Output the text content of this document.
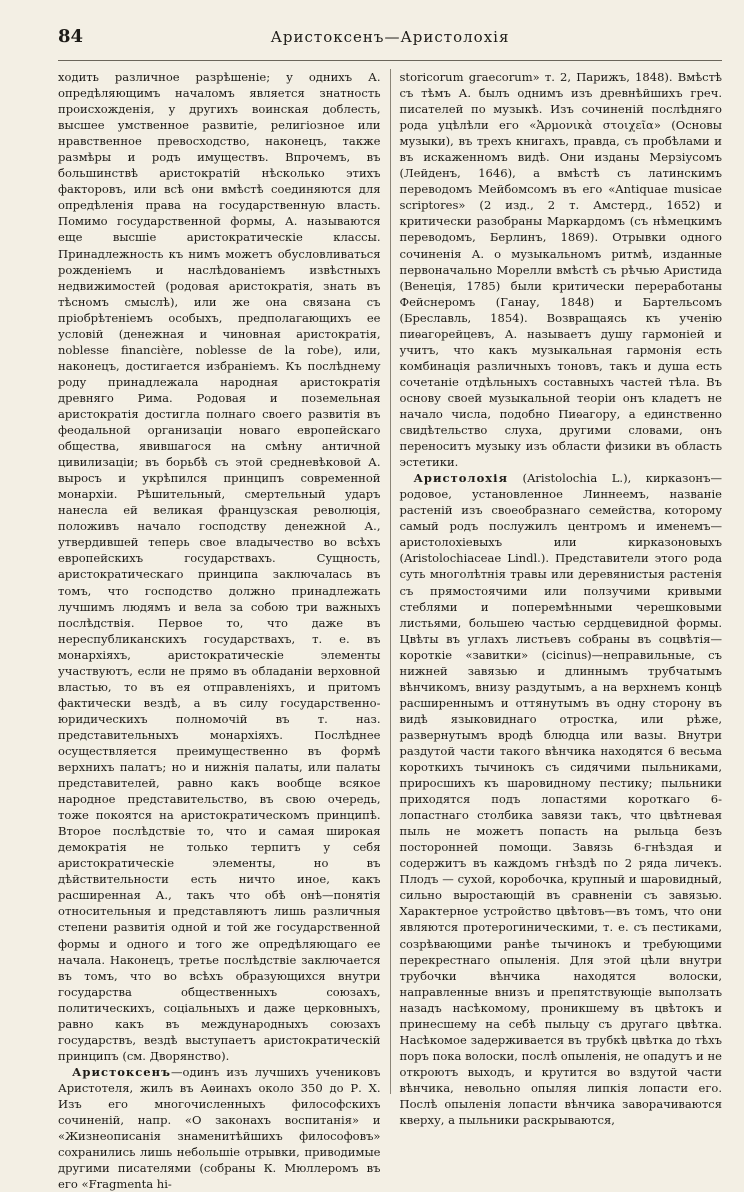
84	Аристоксенъ—Аристолохія

ходить различное разрѣшеніе; у однихъ А. опредѣляющимъ началомъ является знатность происхожденія, у другихъ воинская доблесть, высшее умственное развитіе, религіозное или нравственное превосходство, наконецъ, также размѣры и родъ имуществъ. Впрочемъ, въ большинствѣ аристократій нѣсколько этихъ факторовъ, или всѣ они вмѣстѣ соединяются для опредѣленія права на государственную власть. Помимо государственной формы, А. называются еще высшіе аристократическіе классы. Принадлежность къ нимъ можетъ обусловливаться рожденіемъ и наслѣдованіемъ извѣстныхъ недвижимостей (родовая аристократія, знать въ тѣсномъ смыслѣ), или же она связана съ пріобрѣтеніемъ особыхъ, предполагающихъ ее условій (денежная и чиновная аристократія, noblesse financière, noblesse de la robe), или, наконецъ, достигается избраніемъ. Къ послѣднему роду принадлежала народная аристократія древняго Рима. Родовая и поземельная аристократія достигла полнаго своего развитія въ феодальной организаціи новаго европейскаго общества, явившагося на смѣну античной цивилизаціи; въ борьбѣ съ этой средневѣковой А. выросъ и укрѣпился принципъ современной монархіи. Рѣшительный, смертельный ударъ нанесла ей великая французская революція, положивъ начало господству денежной А., утвердившей теперь свое владычество во всѣхъ европейскихъ государствахъ. Сущность, аристократическаго принципа заключалась въ томъ, что господство должно принадлежать лучшимъ людямъ и вела за собою три важныхъ послѣдствія. Первое то, что даже въ нереспубликанскихъ государствахъ, т. е. въ монархіяхъ, аристократическіе элементы участвуютъ, если не прямо въ обладаніи верховной властью, то въ ея отправленіяхъ, и притомъ фактически вездѣ, а въ силу государственно-юридическихъ полномочій въ т. наз. представительныхъ монархіяхъ. Послѣднее осуществляется преимущественно въ формѣ верхнихъ палатъ; но и нижнія палаты, или палаты представителей, равно какъ вообще всякое народное представительство, въ свою очередь, тоже покоятся на аристократическомъ принципѣ. Второе послѣдствіе то, что и самая широкая демократія не только терпитъ у себя аристократическіе элементы, но въ дѣйствительности есть ничто иное, какъ расширенная А., такъ что обѣ онѣ—понятія относительныя и представляютъ лишь различныя степени развитія одной и той же государственной формы и одного и того же опредѣляющаго ее начала. Наконецъ, третье послѣдствіе заключается въ томъ, что во всѣхъ образующихся внутри государства общественныхъ союзахъ, политическихъ, соціальныхъ и даже церковныхъ, равно какъ въ международныхъ союзахъ государствъ, вездѣ выступаетъ аристократическій принципъ (см. Дворянство).

Аристоксенъ—одинъ изъ лучшихъ учениковъ Аристотеля, жилъ въ Аѳинахъ около 350 до Р. Х. Изъ его многочисленныхъ философскихъ сочиненій, напр. «О законахъ воспитанія» и «Жизнеописанія знаменитѣйшихъ философовъ» сохранились лишь небольшіе отрывки, приводимые другими писателями (собраны К. Мюллеромъ въ его «Fragmenta hi-

storicorum graecorum» т. 2, Парижъ, 1848). Вмѣстѣ съ тѣмъ А. былъ однимъ изъ древнѣйшихъ греч. писателей по музыкѣ. Изъ сочиненій послѣдняго рода уцѣлѣли его «Ἁρμονικὰ στοιχεῖα» (Основы музыки), въ трехъ книгахъ, правда, съ пробѣлами и въ искаженномъ видѣ. Они изданы Мерзіусомъ (Лейденъ, 1646), а вмѣстѣ съ латинскимъ переводомъ Мейбомсомъ въ его «Antiquae musicae scriptores» (2 изд., 2 т. Амстерд., 1652) и критически разобраны Маркардомъ (съ нѣмецкимъ переводомъ, Берлинъ, 1869). Отрывки одного сочиненія А. о музыкальномъ ритмѣ, изданные первоначально Морелли вмѣстѣ съ рѣчью Аристида (Венеція, 1785) были критически переработаны Фейснеромъ (Ганау, 1848) и Бартельсомъ (Бреславль, 1854). Возвращаясь къ ученію пиѳагорейцевъ, А. называетъ душу гармоніей и учитъ, что какъ музыкальная гармонія есть комбинація различныхъ тоновъ, такъ и душа есть сочетаніе отдѣльныхъ составныхъ частей тѣла. Въ основу своей музыкальной теоріи онъ кладетъ не начало числа, подобно Пиѳагору, а единственно свидѣтельство слуха, другими словами, онъ переноситъ музыку изъ области физики въ область эстетики.

Аристолохія (Aristolochia L.), кирказонъ—родовое, установленное Линнеемъ, названіе растеній изъ своеобразнаго семейства, которому самый родъ послужилъ центромъ и именемъ—аристолохіевыхъ или кирказоновыхъ (Aristolochiaceae Lindl.). Представители этого рода суть многолѣтнія травы или деревянистыя растенія съ прямостоячими или ползучими кривыми стеблями и поперемѣнными черешковыми листьями, большею частью сердцевидной формы. Цвѣты въ углахъ листьевъ собраны въ соцвѣтія—короткіе «завитки» (cicinus)—неправильные, съ нижней завязью и длиннымъ трубчатымъ вѣнчикомъ, внизу раздутымъ, а на верхнемъ концѣ расширеннымъ и оттянутымъ въ одну сторону въ видѣ языковиднаго отростка, или рѣже, развернутымъ вродѣ блюдца или вазы. Внутри раздутой части такого вѣнчика находятся 6 весьма короткихъ тычинокъ съ сидячими пыльниками, приросшихъ къ шаровидному пестику; пыльники приходятся подъ лопастями короткаго 6-лопастнаго столбика завязи такъ, что цвѣтневая пыль не можетъ попасть на рыльца безъ посторонней помощи. Завязь 6-гнѣздая и содержитъ въ каждомъ гнѣздѣ по 2 ряда личекъ. Плодъ — сухой, коробочка, крупный и шаровидный, сильно выростающій въ сравненіи съ завязью. Характерное устройство цвѣтовъ—въ томъ, что они являются протерогиническими, т. е. съ пестиками, созрѣвающими ранѣе тычинокъ и требующими перекрестнаго опыленія. Для этой цѣли внутри трубочки вѣнчика находятся волоски, направленные внизъ и препятствующіе выползать назадъ насѣкомому, проникшему въ цвѣтокъ и принесшему на себѣ пыльцу съ другаго цвѣтка. Насѣкомое задерживается въ трубкѣ цвѣтка до тѣхъ поръ пока волоски, послѣ опыленія, не опадутъ и не откроютъ выходъ, и крутится во вздутой части вѣнчика, невольно опыляя липкія лопасти его. Послѣ опыленія лопасти вѣнчика заворачиваются кверху, а пыльники раскрываются,
